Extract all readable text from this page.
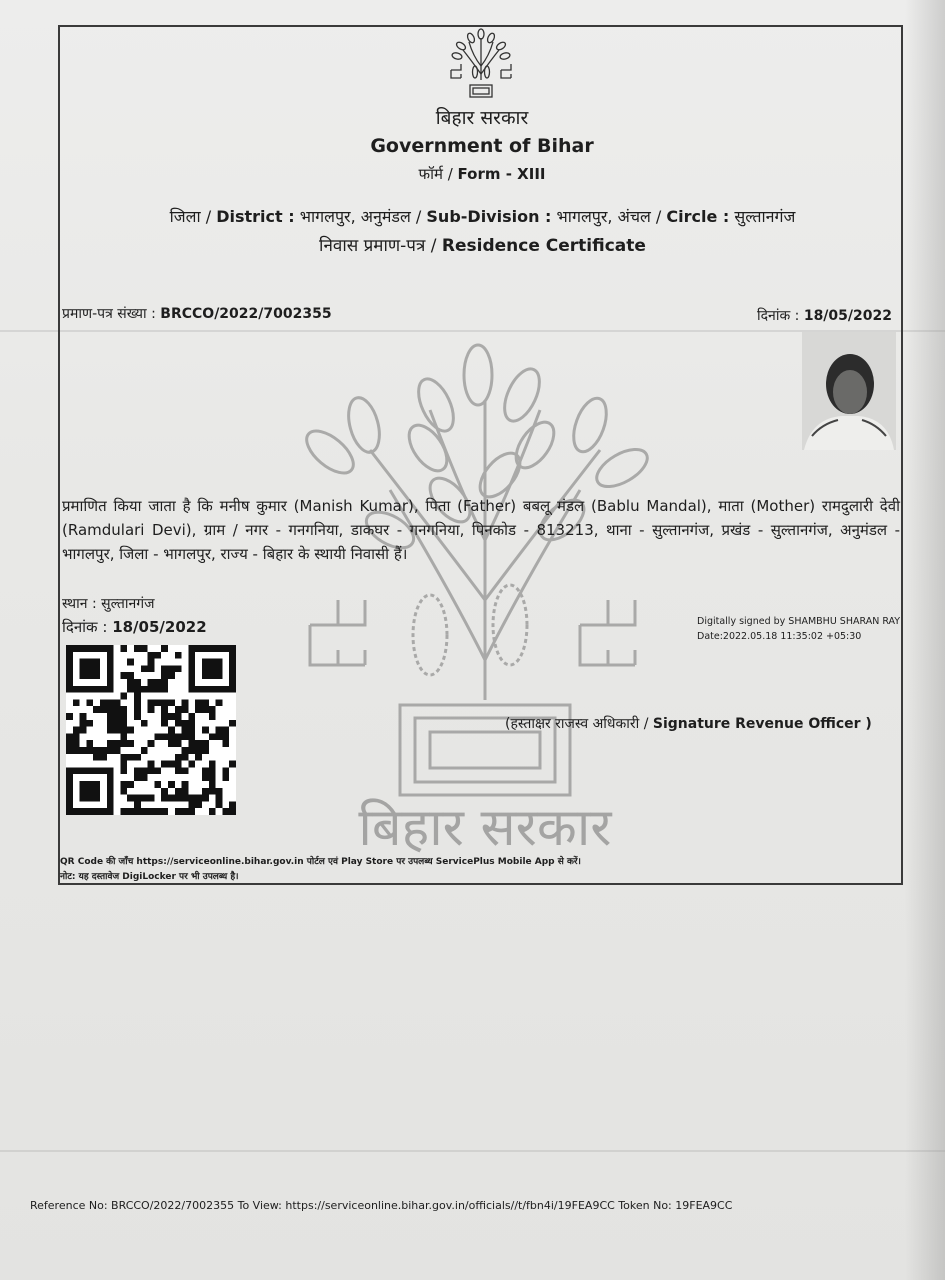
बिहार सरकार
Government of Bihar
फॉर्म / Form - XIII
जिला / District : भागलपुर, अनुमंडल / Sub-Division : भागलपुर, अंचल / Circle : सुल्तानगंज
निवास प्रमाण-पत्र / Residence Certificate
प्रमाण-पत्र संख्या : BRCCO/2022/7002355	दिनांक : 18/05/2022
बिहार सरकार
प्रमाणित किया जाता है कि मनीष कुमार (Manish Kumar), पिता (Father) बबलू मंडल (Bablu Mandal), माता (Mother) रामदुलारी देवी (Ramdulari Devi), ग्राम / नगर - गनगनिया, डाकघर - गनगनिया, पिनकोड - 813213, थाना - सुल्तानगंज, प्रखंड - सुल्तानगंज, अनुमंडल - भागलपुर, जिला - भागलपुर, राज्य - बिहार के स्थायी निवासी हैं।
स्थान : सुल्तानगंज
दिनांक : 18/05/2022	Digitally signed by SHAMBHU SHARAN RAY
Date:2022.05.18 11:35:02 +05:30
(हस्ताक्षर राजस्व अधिकारी / Signature Revenue Officer )
QR Code की जाँच https://serviceonline.bihar.gov.in पोर्टल एवं Play Store पर उपलब्ध ServicePlus Mobile App से करें।
नोट: यह दस्तावेज DigiLocker पर भी उपलब्ध है।
Reference No: BRCCO/2022/7002355 To View: https://serviceonline.bihar.gov.in/officials//t/fbn4i/19FEA9CC Token No: 19FEA9CC
